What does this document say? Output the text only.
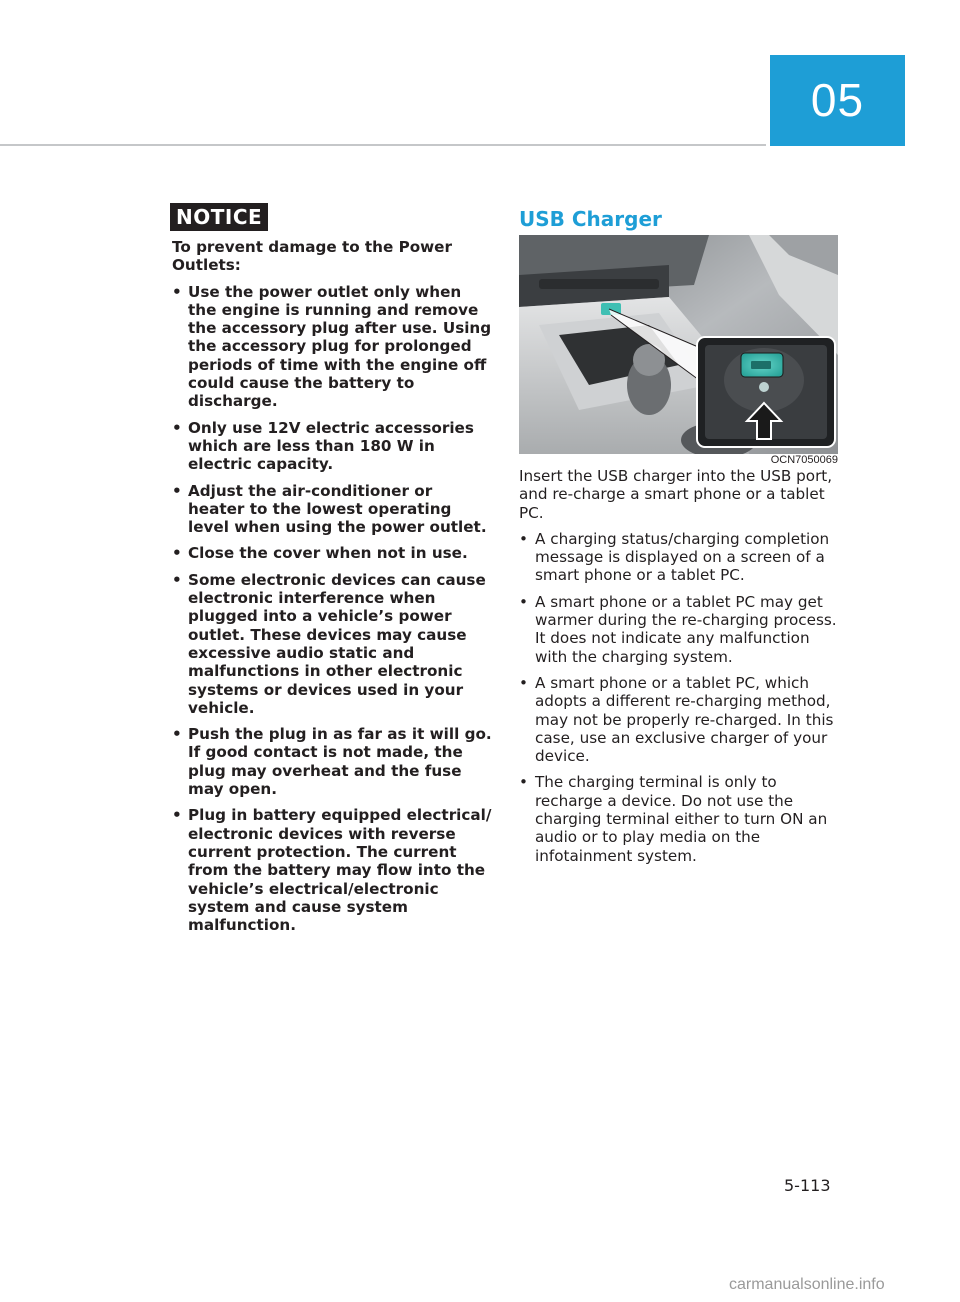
05
NOTICE

To prevent damage to the Power Outlets:

• Use the power outlet only when the engine is running and remove the accessory plug after use. Using the accessory plug for prolonged periods of time with the engine off could cause the battery to discharge.
• Only use 12V electric accessories which are less than 180 W in electric capacity.
• Adjust the air-conditioner or heater to the lowest operating level when using the power outlet.
• Close the cover when not in use.
• Some electronic devices can cause electronic interference when plugged into a vehicle’s power outlet. These devices may cause excessive audio static and malfunctions in other electronic systems or devices used in your vehicle.
• Push the plug in as far as it will go. If good contact is not made, the plug may overheat and the fuse may open.
• Plug in battery equipped electrical/ electronic devices with reverse current protection. The current from the battery may flow into the vehicle’s electrical/electronic system and cause system malfunction.
USB Charger
OCN7050069

Insert the USB charger into the USB port, and re-charge a smart phone or a tablet PC.

• A charging status/charging completion message is displayed on a screen of a smart phone or a tablet PC.
• A smart phone or a tablet PC may get warmer during the re-charging process. It does not indicate any malfunction with the charging system.
• A smart phone or a tablet PC, which adopts a different re-charging method, may not be properly re-charged. In this case, use an exclusive charger of your device.
• The charging terminal is only to recharge a device. Do not use the charging terminal either to turn ON an audio or to play media on the infotainment system.
5-113
carmanualsonline.info
